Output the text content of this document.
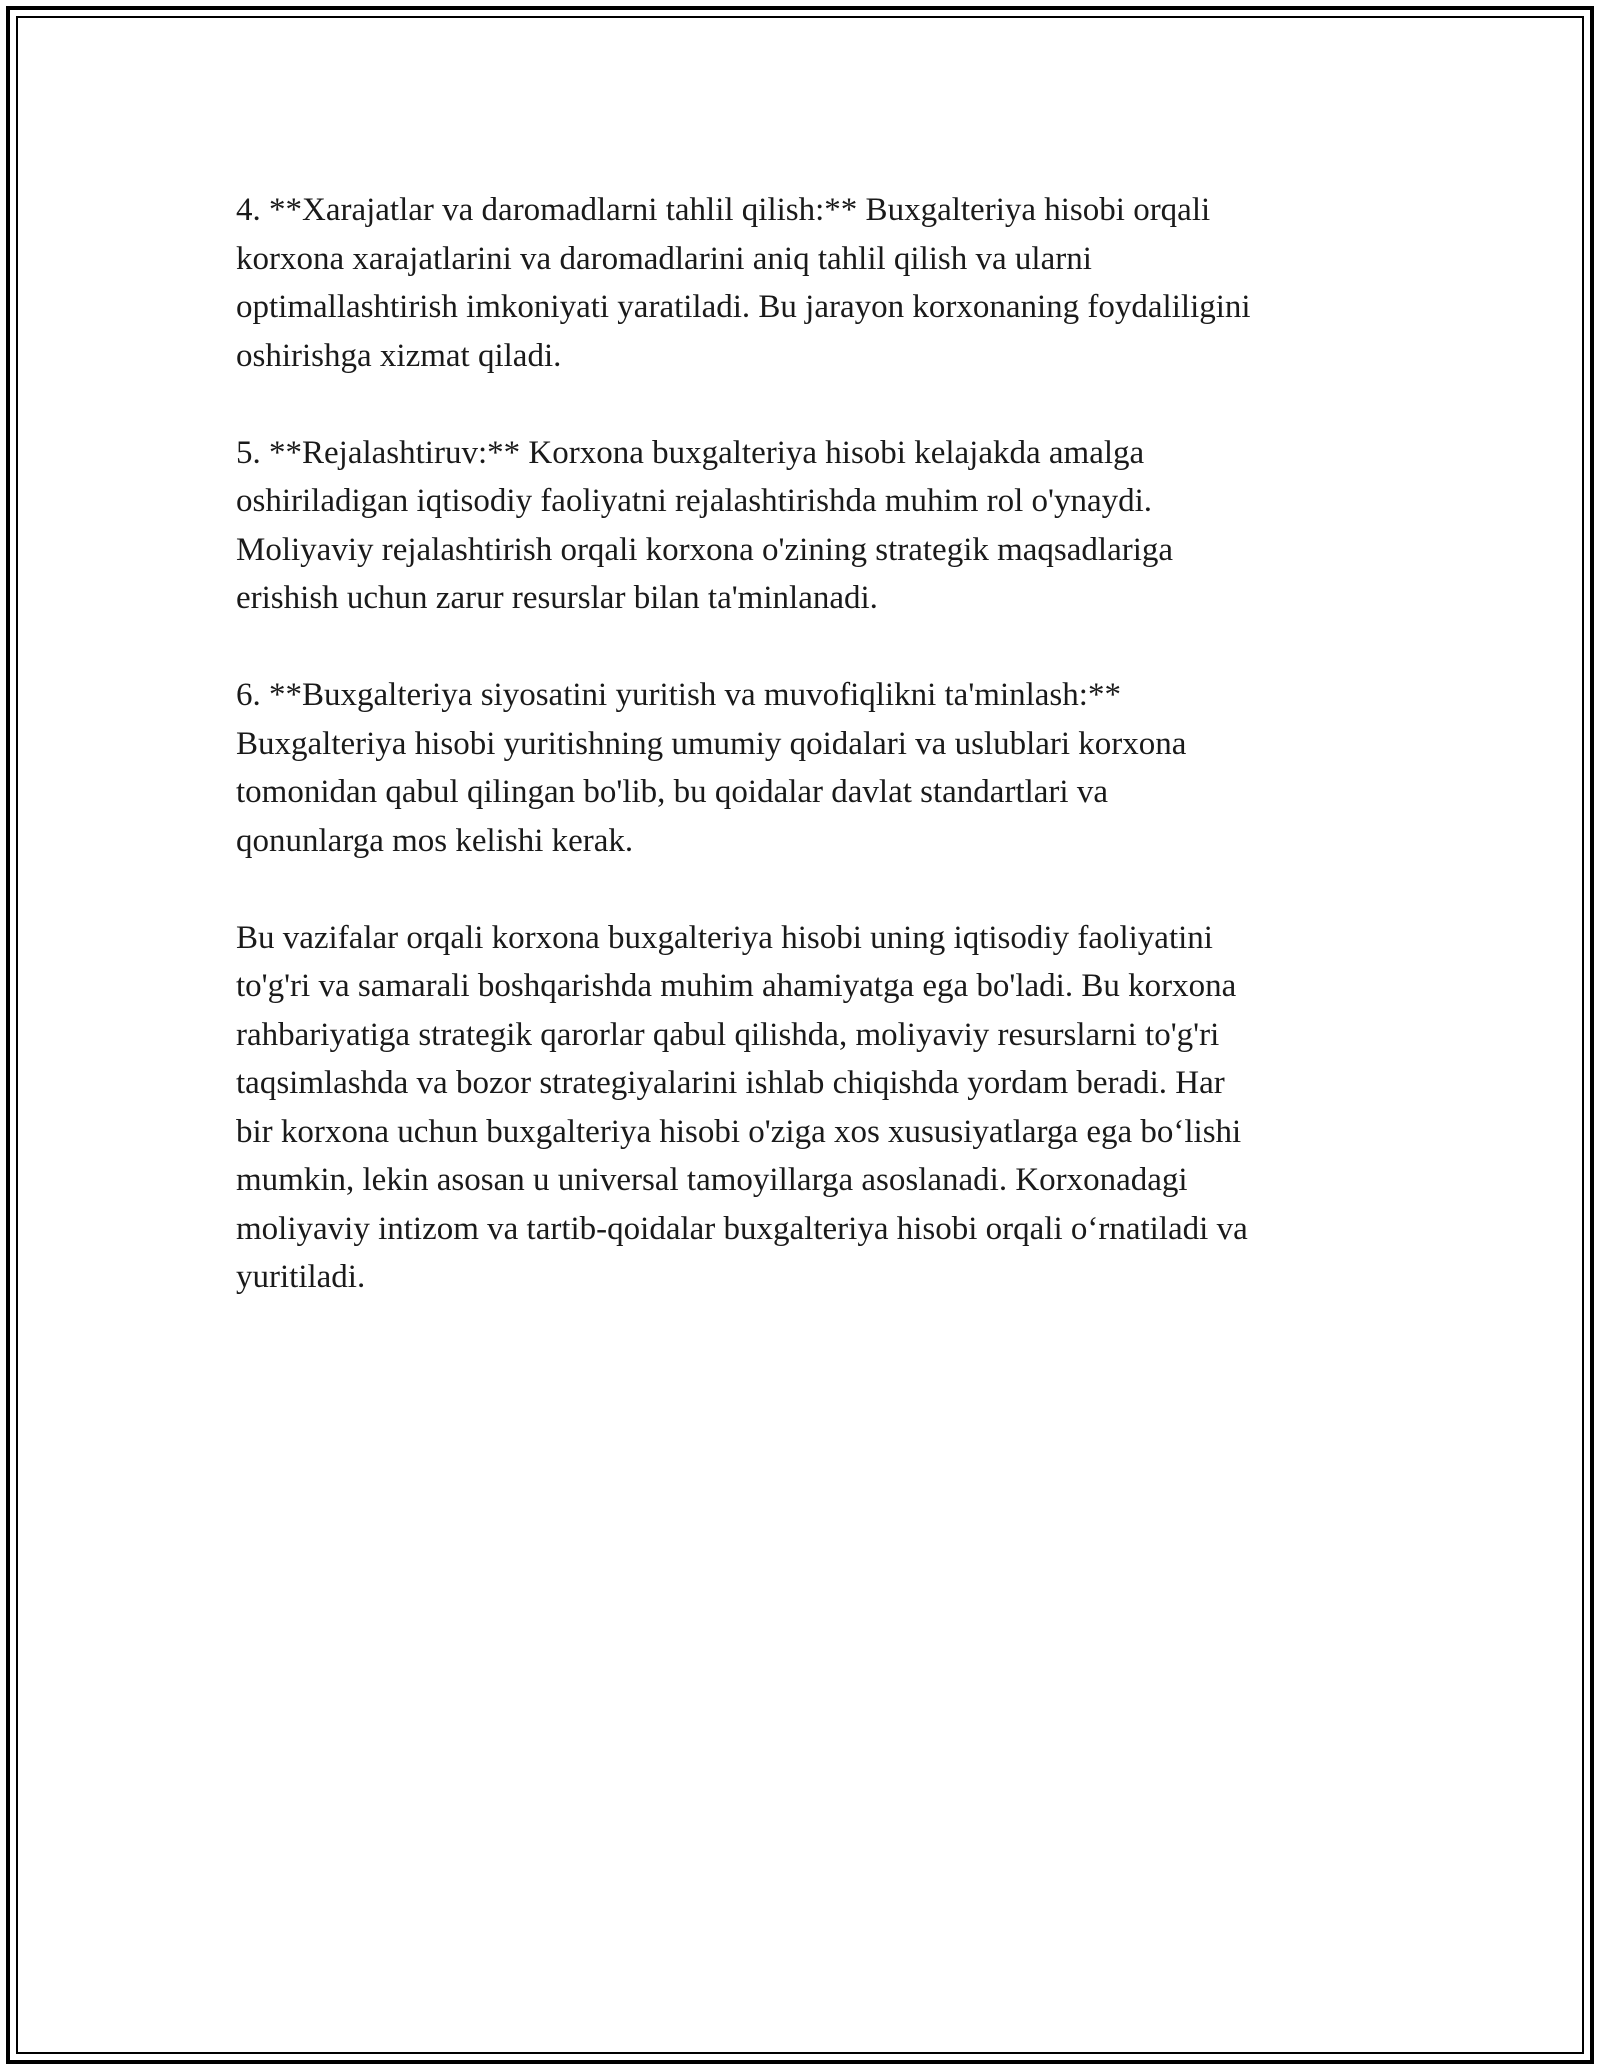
4. **Xarajatlar va daromadlarni tahlil qilish:** Buxgalteriya hisobi orqali
korxona xarajatlarini va daromadlarini aniq tahlil qilish va ularni
optimallashtirish imkoniyati yaratiladi. Bu jarayon korxonaning foydaliligini
oshirishga xizmat qiladi.

5. **Rejalashtiruv:** Korxona buxgalteriya hisobi kelajakda amalga
oshiriladigan iqtisodiy faoliyatni rejalashtirishda muhim rol o'ynaydi.
Moliyaviy rejalashtirish orqali korxona o'zining strategik maqsadlariga
erishish uchun zarur resurslar bilan ta'minlanadi.

6. **Buxgalteriya siyosatini yuritish va muvofiqlikni ta'minlash:**
Buxgalteriya hisobi yuritishning umumiy qoidalari va uslublari korxona
tomonidan qabul qilingan bo'lib, bu qoidalar davlat standartlari va
qonunlarga mos kelishi kerak.

Bu vazifalar orqali korxona buxgalteriya hisobi uning iqtisodiy faoliyatini
to'g'ri va samarali boshqarishda muhim ahamiyatga ega bo'ladi. Bu korxona
rahbariyatiga strategik qarorlar qabul qilishda, moliyaviy resurslarni to'g'ri
taqsimlashda va bozor strategiyalarini ishlab chiqishda yordam beradi. Har
bir korxona uchun buxgalteriya hisobi o'ziga xos xususiyatlarga ega bo‘lishi
mumkin, lekin asosan u universal tamoyillarga asoslanadi. Korxonadagi
moliyaviy intizom va tartib-qoidalar buxgalteriya hisobi orqali o‘rnatiladi va
yuritiladi.
